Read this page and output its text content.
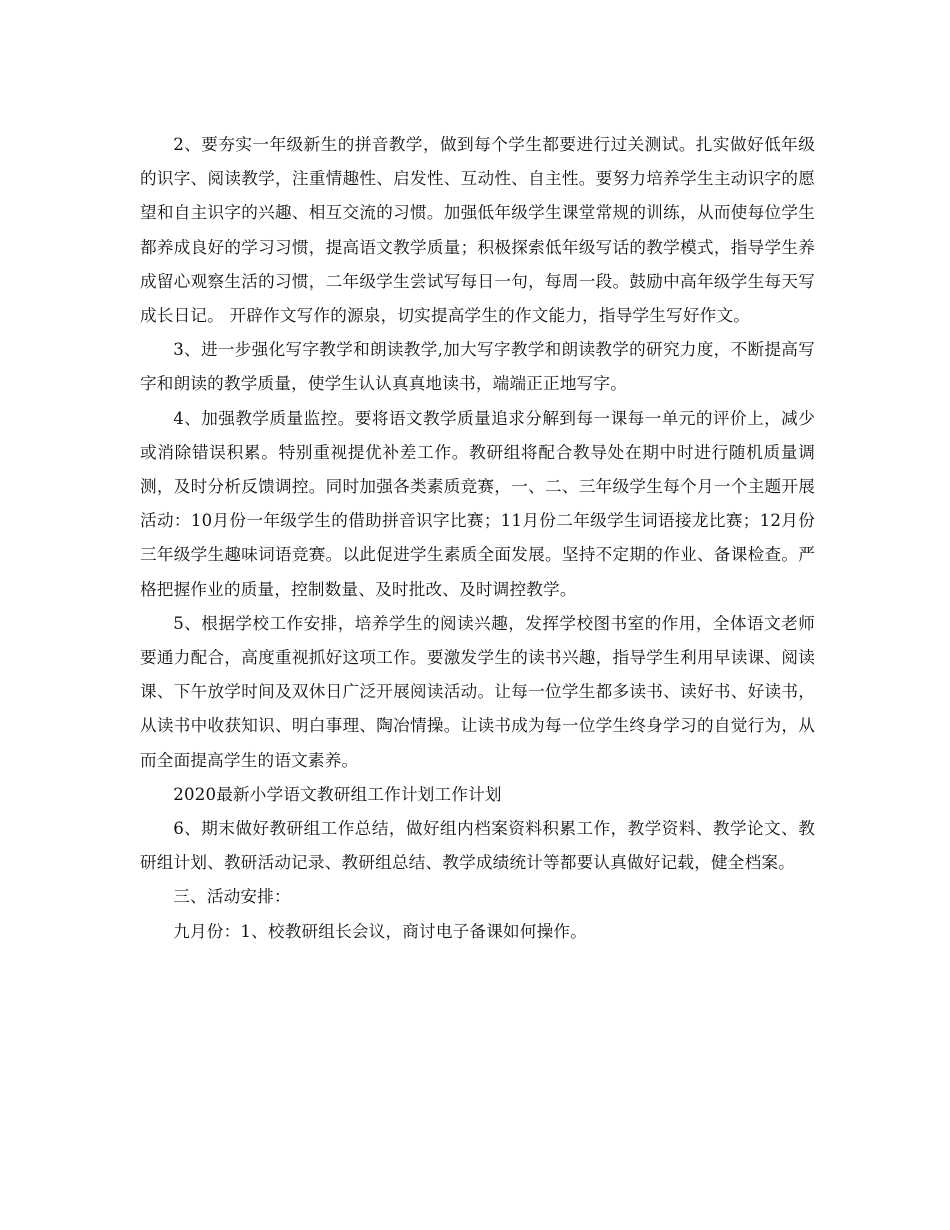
2、要夯实一年级新生的拼音教学，做到每个学生都要进行过关测试。扎实做好低年级的识字、阅读教学，注重情趣性、启发性、互动性、自主性。要努力培养学生主动识字的愿望和自主识字的兴趣、相互交流的习惯。加强低年级学生课堂常规的训练，从而使每位学生都养成良好的学习习惯，提高语文教学质量；积极探索低年级写话的教学模式，指导学生养成留心观察生活的习惯，二年级学生尝试写每日一句，每周一段。鼓励中高年级学生每天写成长日记。 开辟作文写作的源泉，切实提高学生的作文能力，指导学生写好作文。

3、进一步强化写字教学和朗读教学,加大写字教学和朗读教学的研究力度，不断提高写字和朗读的教学质量，使学生认认真真地读书，端端正正地写字。

4、加强教学质量监控。要将语文教学质量追求分解到每一课每一单元的评价上，减少或消除错误积累。特别重视提优补差工作。教研组将配合教导处在期中时进行随机质量调测，及时分析反馈调控。同时加强各类素质竞赛，一、二、三年级学生每个月一个主题开展活动：10月份一年级学生的借助拼音识字比赛；11月份二年级学生词语接龙比赛；12月份三年级学生趣味词语竞赛。以此促进学生素质全面发展。坚持不定期的作业、备课检查。严格把握作业的质量，控制数量、及时批改、及时调控教学。

5、根据学校工作安排，培养学生的阅读兴趣，发挥学校图书室的作用，全体语文老师要通力配合，高度重视抓好这项工作。要激发学生的读书兴趣，指导学生利用早读课、阅读课、下午放学时间及双休日广泛开展阅读活动。让每一位学生都多读书、读好书、好读书，从读书中收获知识、明白事理、陶冶情操。让读书成为每一位学生终身学习的自觉行为，从而全面提高学生的语文素养。

2020最新小学语文教研组工作计划工作计划

6、期末做好教研组工作总结，做好组内档案资料积累工作，教学资料、教学论文、教研组计划、教研活动记录、教研组总结、教学成绩统计等都要认真做好记载，健全档案。

三、活动安排：

九月份：1、校教研组长会议，商讨电子备课如何操作。
